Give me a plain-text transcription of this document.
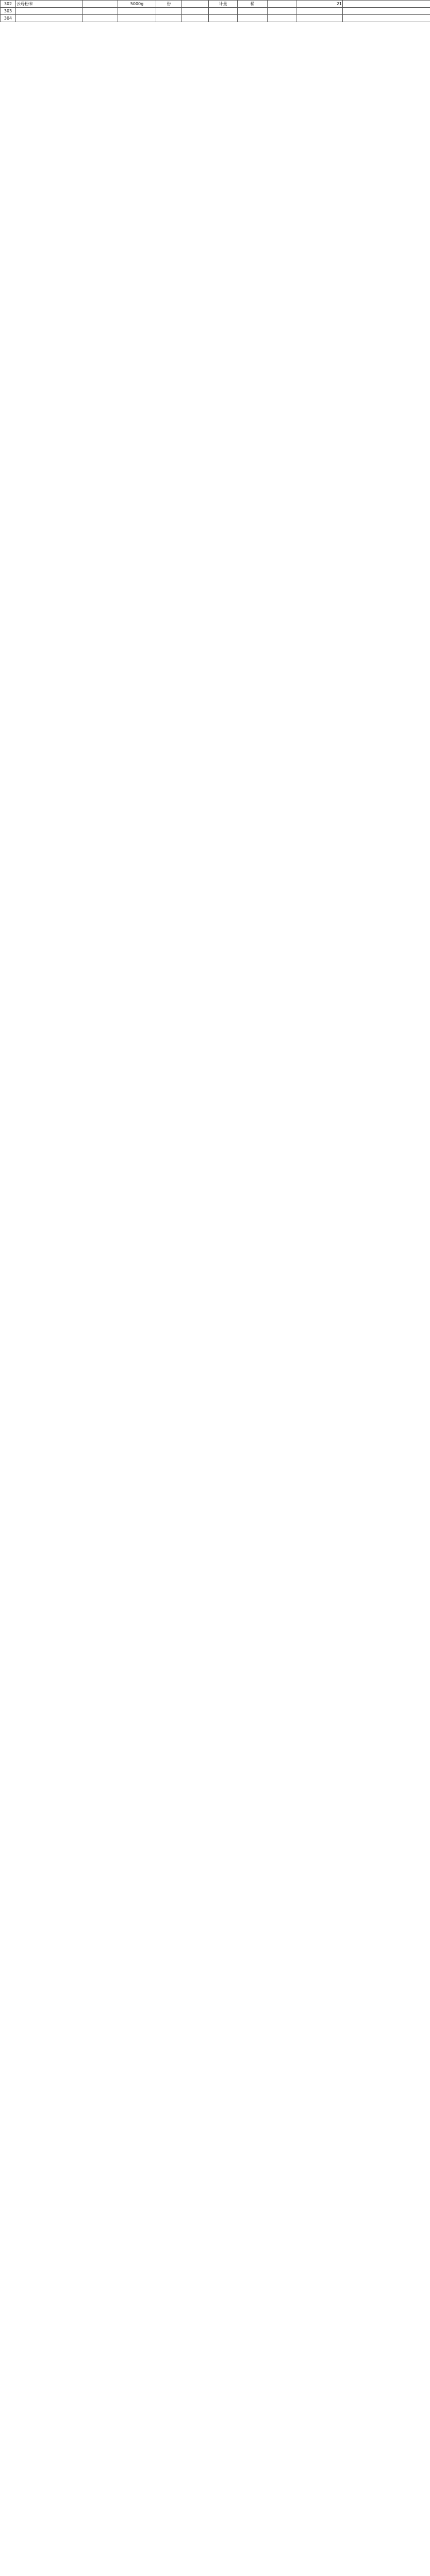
302	云母粉末		5000g	份		计量	桶		21	
303										
304										
